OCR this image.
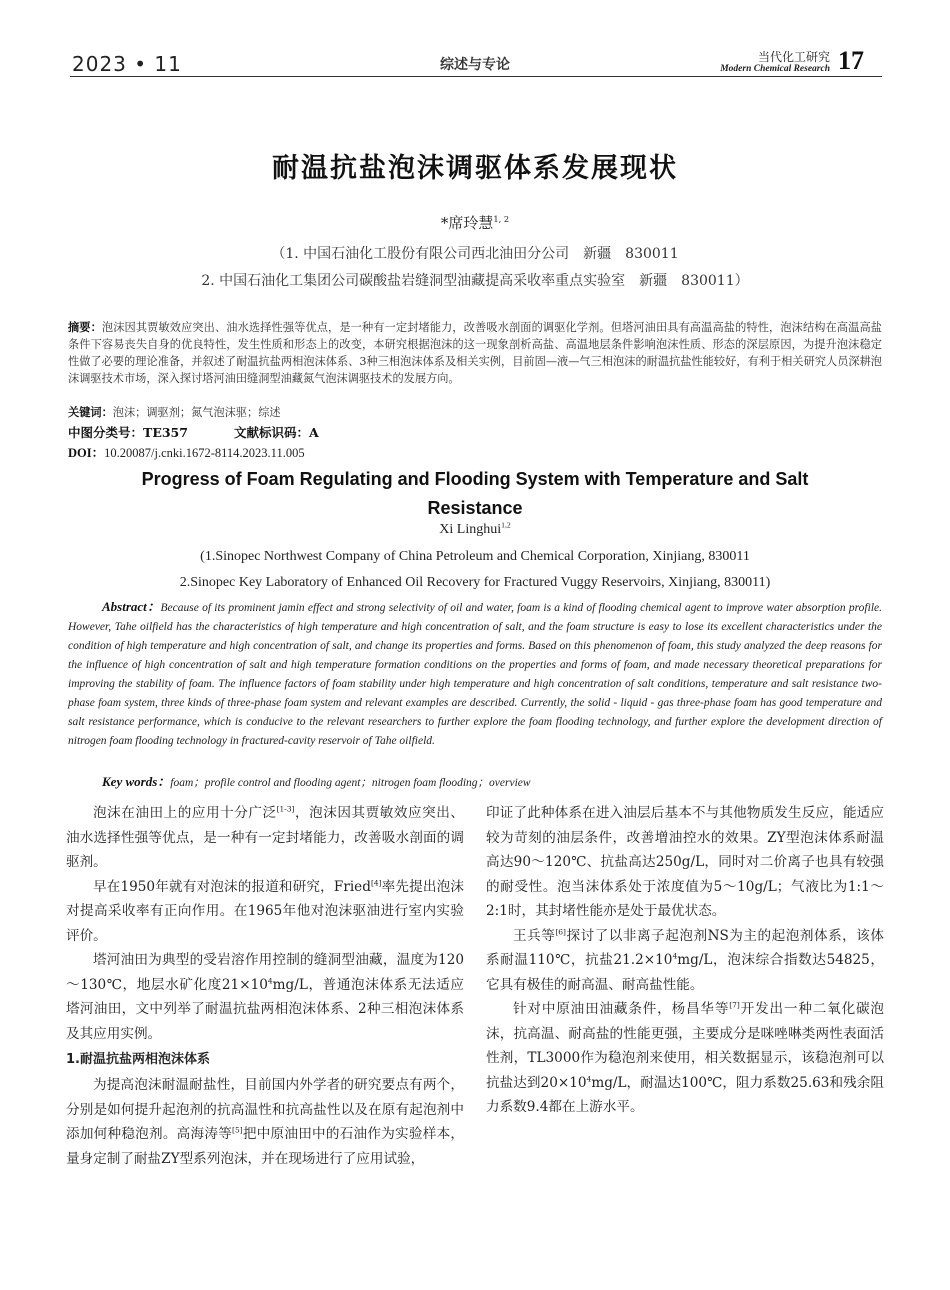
2023 • 11	综述与专论	当代化工研究
Modern Chemical Research 17
耐温抗盐泡沫调驱体系发展现状
*席玲慧$^{1, 2}$
（1. 中国石油化工股份有限公司西北油田分公司　新疆　830011
2. 中国石油化工集团公司碳酸盐岩缝洞型油藏提高采收率重点实验室　新疆　830011）
摘要：泡沫因其贾敏效应突出、油水选择性强等优点，是一种有一定封堵能力，改善吸水剖面的调驱化学剂。但塔河油田具有高温高盐的特性，泡沫结构在高温高盐条件下容易丧失自身的优良特性，发生性质和形态上的改变，本研究根据泡沫的这一现象剖析高盐、高温地层条件影响泡沫性质、形态的深层原因，为提升泡沫稳定性做了必要的理论准备，并叙述了耐温抗盐两相泡沫体系、3种三相泡沫体系及相关实例，目前固—液—气三相泡沫的耐温抗盐性能较好，有利于相关研究人员深耕泡沫调驱技术市场，深入探讨塔河油田缝洞型油藏氮气泡沫调驱技术的发展方向。
关键词：泡沫；调驱剂；氮气泡沫驱；综述
中图分类号：TE357	文献标识码：A
DOI：10.20087/j.cnki.1672-8114.2023.11.005
Progress of Foam Regulating and Flooding System with Temperature and Salt Resistance
Xi Linghui$^{1,2}$
(1.Sinopec Northwest Company of China Petroleum and Chemical Corporation, Xinjiang, 830011
2.Sinopec Key Laboratory of Enhanced Oil Recovery for Fractured Vuggy Reservoirs, Xinjiang, 830011)
Abstract：Because of its prominent jamin effect and strong selectivity of oil and water, foam is a kind of flooding chemical agent to improve water absorption profile. However, Tahe oilfield has the characteristics of high temperature and high concentration of salt, and the foam structure is easy to lose its excellent characteristics under the condition of high temperature and high concentration of salt, and change its properties and forms. Based on this phenomenon of foam, this study analyzed the deep reasons for the influence of high concentration of salt and high temperature formation conditions on the properties and forms of foam, and made necessary theoretical preparations for improving the stability of foam. The influence factors of foam stability under high temperature and high concentration of salt conditions, temperature and salt resistance two-phase foam system, three kinds of three-phase foam system and relevant examples are described. Currently, the solid - liquid - gas three-phase foam has good temperature and salt resistance performance, which is conducive to the relevant researchers to further explore the foam flooding technology, and further explore the development direction of nitrogen foam flooding technology in fractured-cavity reservoir of Tahe oilfield.
Key words：foam；profile control and flooding agent；nitrogen foam flooding；overview

泡沫在油田上的应用十分广泛[1-3]，泡沫因其贾敏效应突出、油水选择性强等优点，是一种有一定封堵能力，改善吸水剖面的调驱剂。

早在1950年就有对泡沫的报道和研究，Fried[4]率先提出泡沫对提高采收率有正向作用。在1965年他对泡沫驱油进行室内实验评价。

塔河油田为典型的受岩溶作用控制的缝洞型油藏，温度为120～130℃，地层水矿化度$21\times 10^4mg/L$，普通泡沫体系无法适应塔河油田，文中列举了耐温抗盐两相泡沫体系、2种三相泡沫体系及其应用实例。

1.耐温抗盐两相泡沫体系

为提高泡沫耐温耐盐性，目前国内外学者的研究要点有两个，分别是如何提升起泡剂的抗高温性和抗高盐性以及在原有起泡剂中添加何种稳泡剂。高海涛等[5]把中原油田中的石油作为实验样本，量身定制了耐盐ZY型系列泡沫，并在现场进行了应用试验，

印证了此种体系在进入油层后基本不与其他物质发生反应，能适应较为苛刻的油层条件，改善增油控水的效果。ZY型泡沫体系耐温高达90～120℃、抗盐高达250g/L，同时对二价离子也具有较强的耐受性。泡当沫体系处于浓度值为5～10g/L；气液比为1:1～2:1时，其封堵性能亦是处于最优状态。

王兵等[6]探讨了以非离子起泡剂NS为主的起泡剂体系，该体系耐温110℃，抗盐$21.2\times 10^4mg/L$，泡沫综合指数达54825，它具有极佳的耐高温、耐高盐性能。

针对中原油田油藏条件，杨昌华等[7]开发出一种二氧化碳泡沫，抗高温、耐高盐的性能更强，主要成分是咪唑啉类两性表面活性剂，TL3000作为稳泡剂来使用，相关数据显示，该稳泡剂可以抗盐达到$20\times 10^4mg/L$，耐温达100℃，阻力系数25.63和残余阻力系数9.4都在上游水平。
